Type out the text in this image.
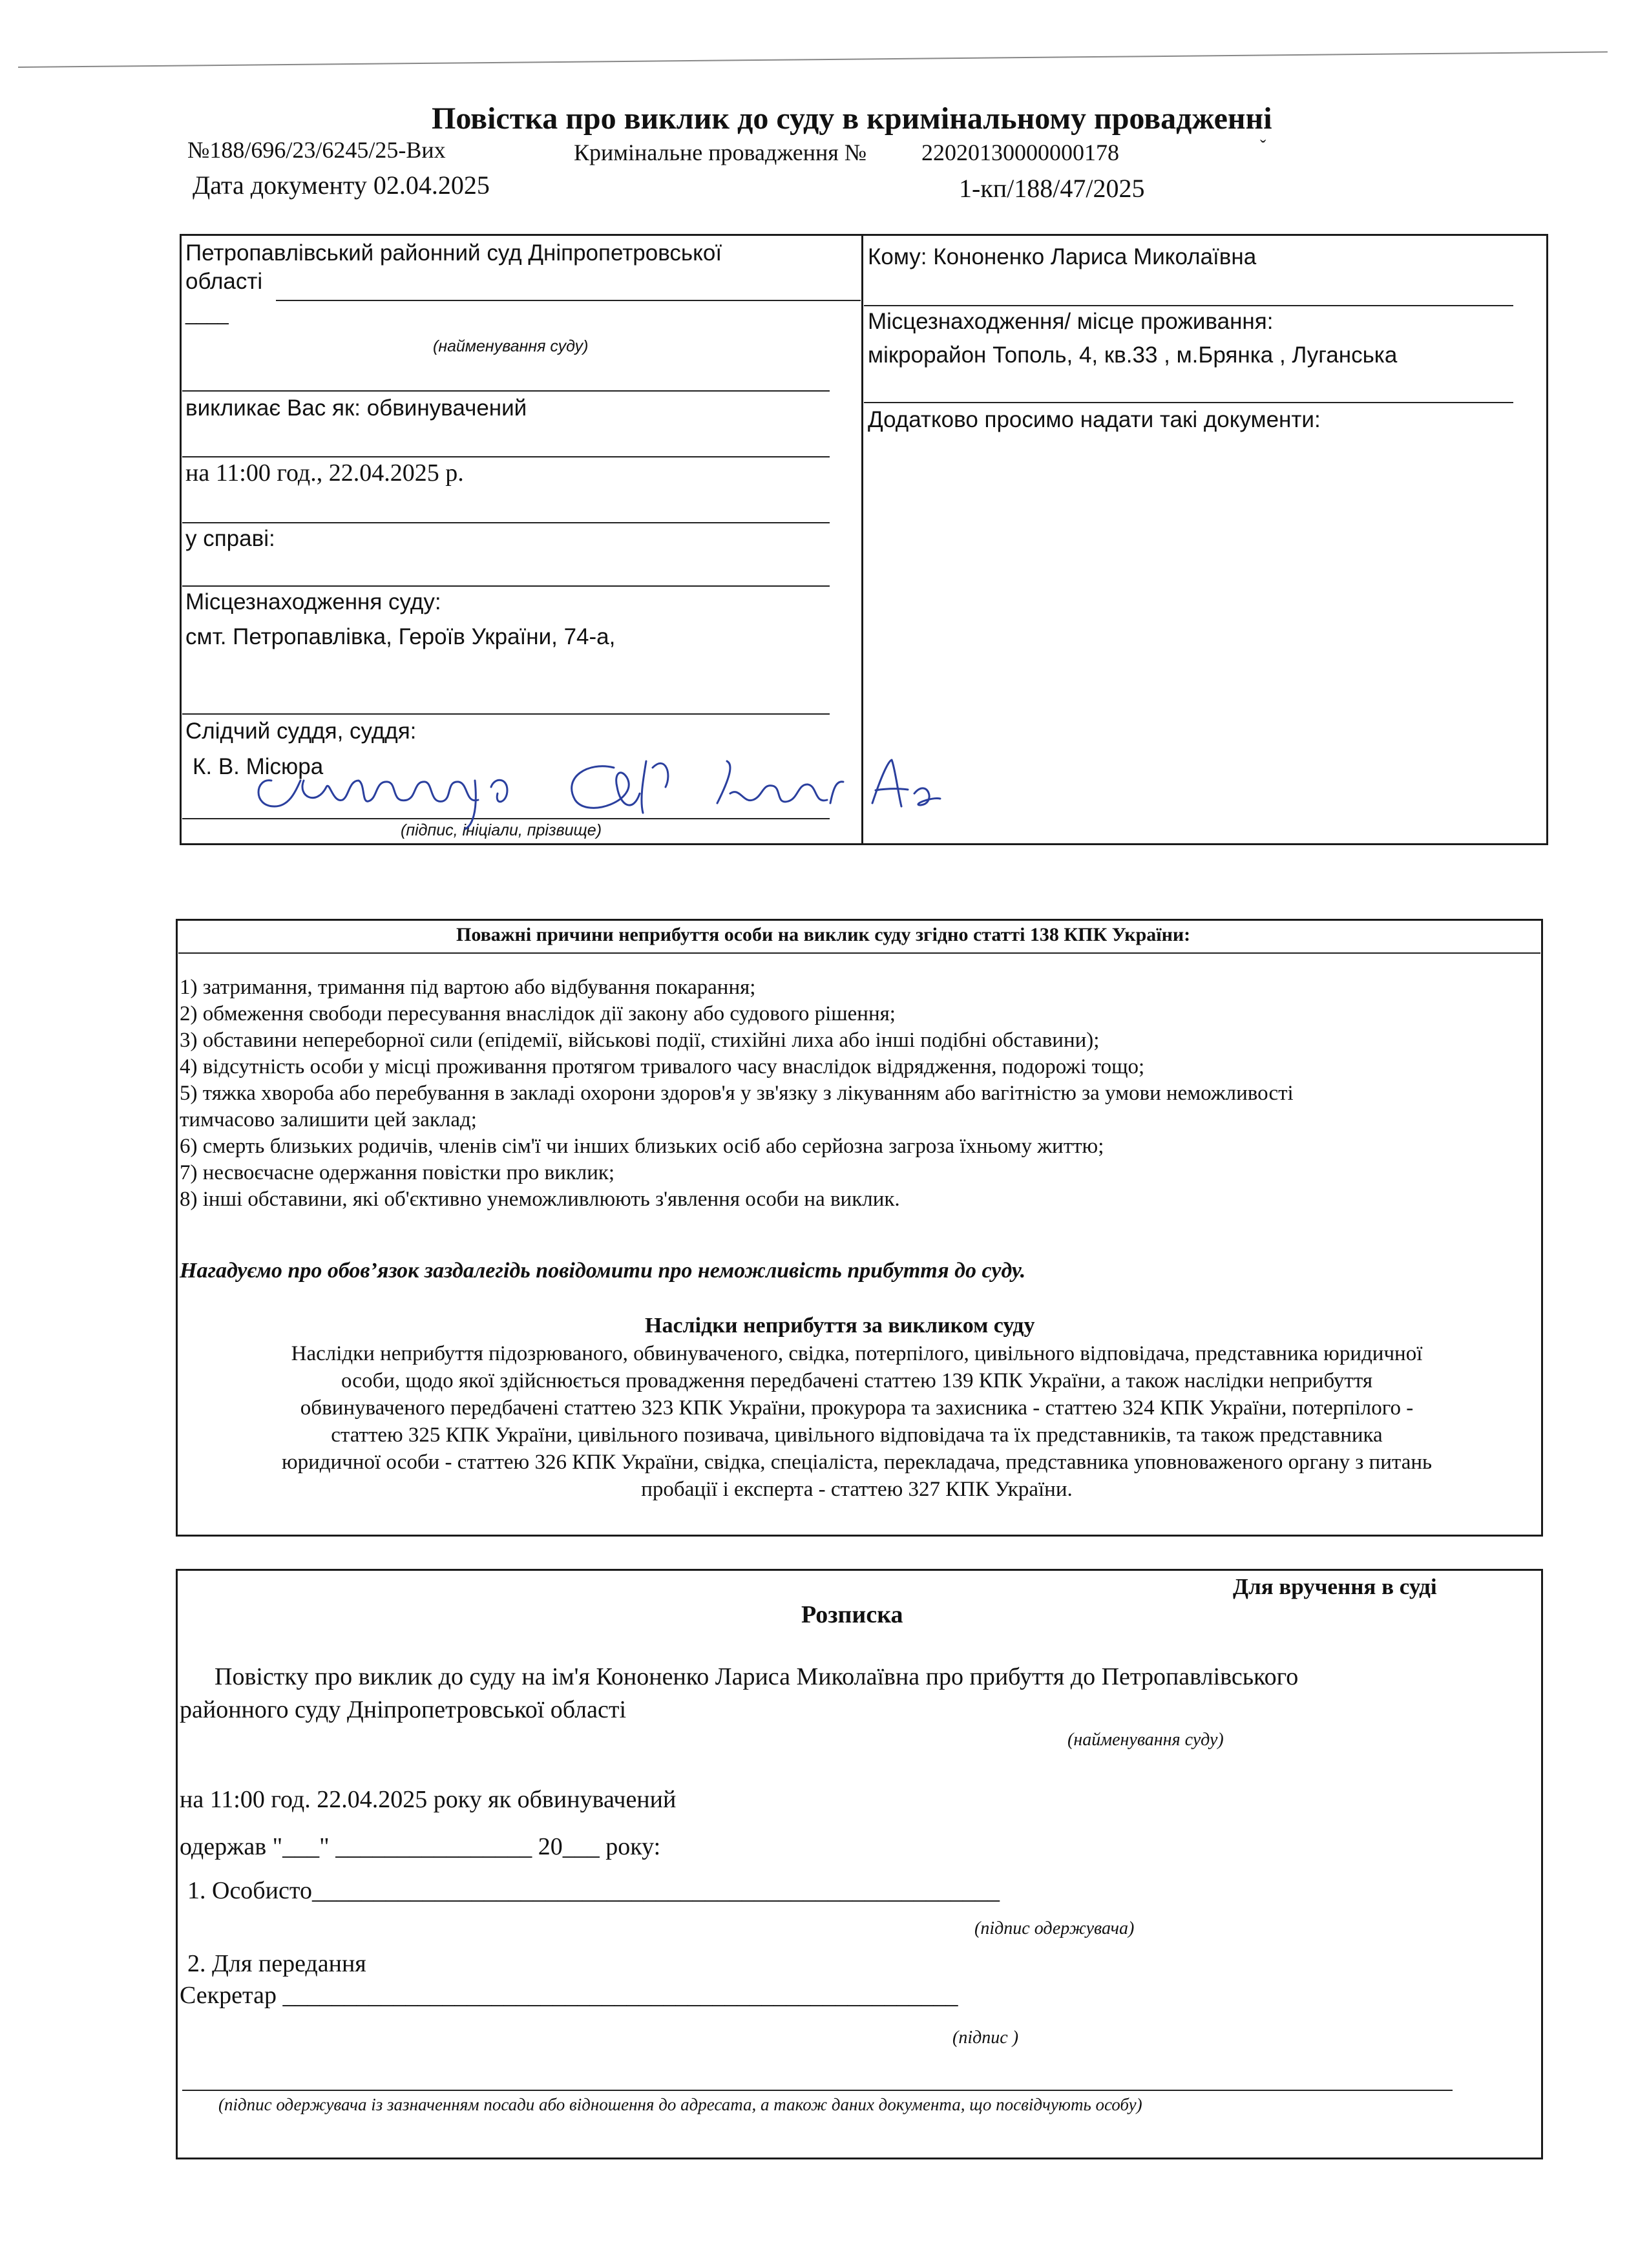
Повістка про виклик до суду в кримінальному провадженні
№188/696/23/6245/25-Вих	Кримінальне провадження № 22020130000000178	ˇ
Дата документу 02.04.2025	1-кп/188/47/2025
Петропавлівський районний суд Дніпропетровської
області
____
(найменування суду)
викликає Вас як: обвинувачений
на 11:00 год., 22.04.2025 р.
у справі:
Місцезнаходження суду:
смт. Петропавлівка, Героїв України, 74-а,
Слідчий суддя, суддя:
К. В. Місюра
(підпис, ініціали, прізвище)
Кому: Кононенко Лариса Миколаївна
Місцезнаходження/ місце проживання:
мікрорайон Тополь, 4, кв.33 , м.Брянка , Луганська
Додатково просимо надати такі документи:
Поважні причини неприбуття особи на виклик суду згідно статті 138 КПК України:
1) затримання, тримання під вартою або відбування покарання;
2) обмеження свободи пересування внаслідок дії закону або судового рішення;
3) обставини непереборної сили (епідемії, військові події, стихійні лиха або інші подібні обставини);
4) відсутність особи у місці проживання протягом тривалого часу внаслідок відрядження, подорожі тощо;
5) тяжка хвороба або перебування в закладі охорони здоров'я у зв'язку з лікуванням або вагітністю за умови неможливості
тимчасово залишити цей заклад;
6) смерть близьких родичів, членів сім'ї чи інших близьких осіб або серйозна загроза їхньому життю;
7) несвоєчасне одержання повістки про виклик;
8) інші обставини, які об'єктивно унеможливлюють з'явлення особи на виклик.
Нагадуємо про обов’язок заздалегідь повідомити про неможливість прибуття до суду.
Наслідки неприбуття за викликом суду
Наслідки неприбуття підозрюваного, обвинуваченого, свідка, потерпілого, цивільного відповідача, представника юридичної
особи, щодо якої здійснюється провадження передбачені статтею 139 КПК України, а також наслідки неприбуття
обвинуваченого передбачені статтею 323 КПК України, прокурора та захисника - статтею 324 КПК України, потерпілого -
статтею 325 КПК України, цивільного позивача, цивільного відповідача та їх представників, та також представника
юридичної особи - статтею 326 КПК України, свідка, спеціаліста, перекладача, представника уповноваженого органу з питань
пробації і експерта - статтею 327 КПК України.
Для вручення в суді
Розписка
Повістку про виклик до суду на ім'я Кононенко Лариса Миколаївна про прибуття до Петропавлівського
районного суду Дніпропетровської області
(найменування суду)
на 11:00 год. 22.04.2025 року як обвинувачений
одержав "___" ________________ 20___ року:
1. Особисто________________________________________________________
(підпис одержувача)
2. Для передання
Секретар _______________________________________________________
(підпис )
(підпис одержувача із зазначенням посади або відношення до адресата, а також даних документа, що посвідчують особу)
